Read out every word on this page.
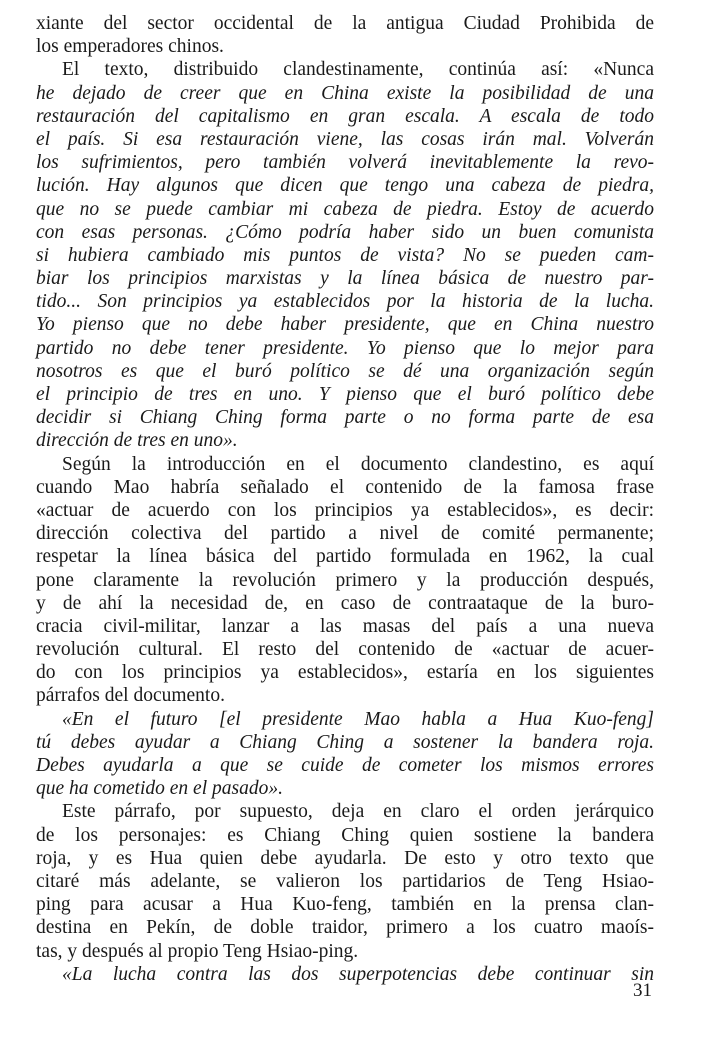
xiante del sector occidental de la antigua Ciudad Prohibida de
los emperadores chinos.
El texto, distribuido clandestinamente, continúa así: «Nunca
he dejado de creer que en China existe la posibilidad de una
restauración del capitalismo en gran escala. A escala de todo
el país. Si esa restauración viene, las cosas irán mal. Volverán
los sufrimientos, pero también volverá inevitablemente la revo-
lución. Hay algunos que dicen que tengo una cabeza de piedra,
que no se puede cambiar mi cabeza de piedra. Estoy de acuerdo
con esas personas. ¿Cómo podría haber sido un buen comunista
si hubiera cambiado mis puntos de vista? No se pueden cam-
biar los principios marxistas y la línea básica de nuestro par-
tido... Son principios ya establecidos por la historia de la lucha.
Yo pienso que no debe haber presidente, que en China nuestro
partido no debe tener presidente. Yo pienso que lo mejor para
nosotros es que el buró político se dé una organización según
el principio de tres en uno. Y pienso que el buró político debe
decidir si Chiang Ching forma parte o no forma parte de esa
dirección de tres en uno».
Según la introducción en el documento clandestino, es aquí
cuando Mao habría señalado el contenido de la famosa frase
«actuar de acuerdo con los principios ya establecidos», es decir:
dirección colectiva del partido a nivel de comité permanente;
respetar la línea básica del partido formulada en 1962, la cual
pone claramente la revolución primero y la producción después,
y de ahí la necesidad de, en caso de contraataque de la buro-
cracia civil-militar, lanzar a las masas del país a una nueva
revolución cultural. El resto del contenido de «actuar de acuer-
do con los principios ya establecidos», estaría en los siguientes
párrafos del documento.
«En el futuro [el presidente Mao habla a Hua Kuo-feng]
tú debes ayudar a Chiang Ching a sostener la bandera roja.
Debes ayudarla a que se cuide de cometer los mismos errores
que ha cometido en el pasado».
Este párrafo, por supuesto, deja en claro el orden jerárquico
de los personajes: es Chiang Ching quien sostiene la bandera
roja, y es Hua quien debe ayudarla. De esto y otro texto que
citaré más adelante, se valieron los partidarios de Teng Hsiao-
ping para acusar a Hua Kuo-feng, también en la prensa clan-
destina en Pekín, de doble traidor, primero a los cuatro maoís-
tas, y después al propio Teng Hsiao-ping.
«La lucha contra las dos superpotencias debe continuar sin
31
